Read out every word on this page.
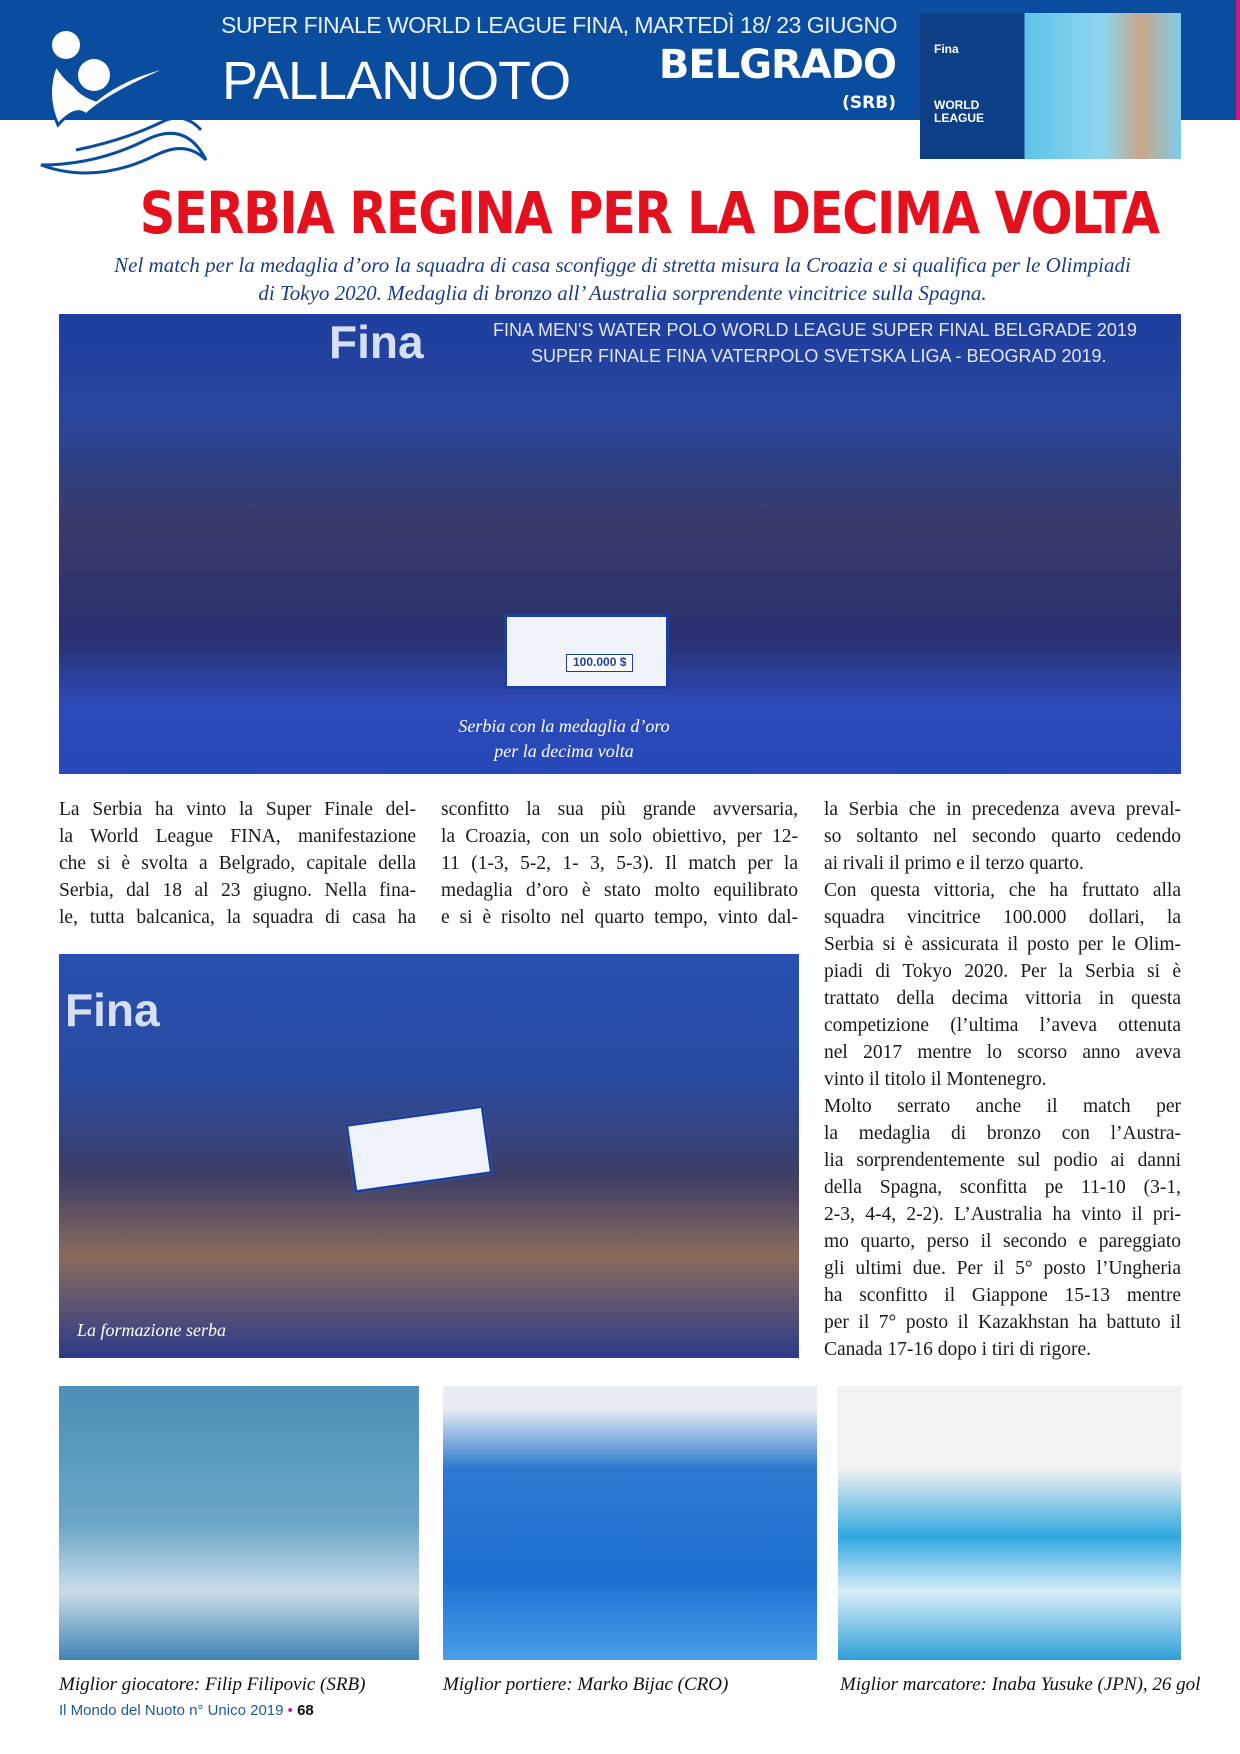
SUPER FINALE WORLD LEAGUE FINA, MARTEDÌ 18/ 23 GIUGNO
PALLANUOTO	BELGRADO
(SRB)
Fina
WORLD
LEAGUE
SERBIA REGINA PER LA DECIMA VOLTA
Nel match per la medaglia d’oro la squadra di casa sconfigge di stretta misura la Croazia e si qualifica per le Olimpiadi
di Tokyo 2020. Medaglia di bronzo all’ Australia sorprendente vincitrice sulla Spagna.
FINA MEN'S WATER POLO WORLD LEAGUE SUPER FINAL BELGRADE 2019
SUPER FINALE FINA VATERPOLO SVETSKA LIGA - BEOGRAD 2019.
Fina
100.000 $
Serbia con la medaglia d’oro
per la decima volta
La Serbia ha vinto la Super Finale del-
la World League FINA, manifestazione
che si è svolta a Belgrado, capitale della
Serbia, dal 18 al 23 giugno. Nella fina-
le, tutta balcanica, la squadra di casa ha
sconfitto la sua più grande avversaria,
la Croazia, con un solo obiettivo, per 12-
11 (1-3, 5-2, 1- 3, 5-3). Il match per la
medaglia d’oro è stato molto equilibrato
e si è risolto nel quarto tempo, vinto dal-
la Serbia che in precedenza aveva preval-
so soltanto nel secondo quarto cedendo
ai rivali il primo e il terzo quarto.
Con questa vittoria, che ha fruttato alla
squadra vincitrice 100.000 dollari, la
Serbia si è assicurata il posto per le Olim-
piadi di Tokyo 2020. Per la Serbia si è
trattato della decima vittoria in questa
competizione (l’ultima l’aveva ottenuta
nel 2017 mentre lo scorso anno aveva
vinto il titolo il Montenegro.
Molto serrato anche il match per
la medaglia di bronzo con l’Austra-
lia sorprendentemente sul podio ai danni
della Spagna, sconfitta pe 11-10 (3-1,
2-3, 4-4, 2-2). L’Australia ha vinto il pri-
mo quarto, perso il secondo e pareggiato
gli ultimi due. Per il 5° posto l’Ungheria
ha sconfitto il Giappone 15-13 mentre
per il 7° posto il Kazakhstan ha battuto il
Canada 17-16 dopo i tiri di rigore.
Fina
La formazione serba
Miglior giocatore: Filip Filipovic (SRB)	Miglior portiere: Marko Bijac (CRO)	Miglior marcatore: Inaba Yusuke (JPN), 26 gol
Il Mondo del Nuoto n° Unico 2019 • 68
